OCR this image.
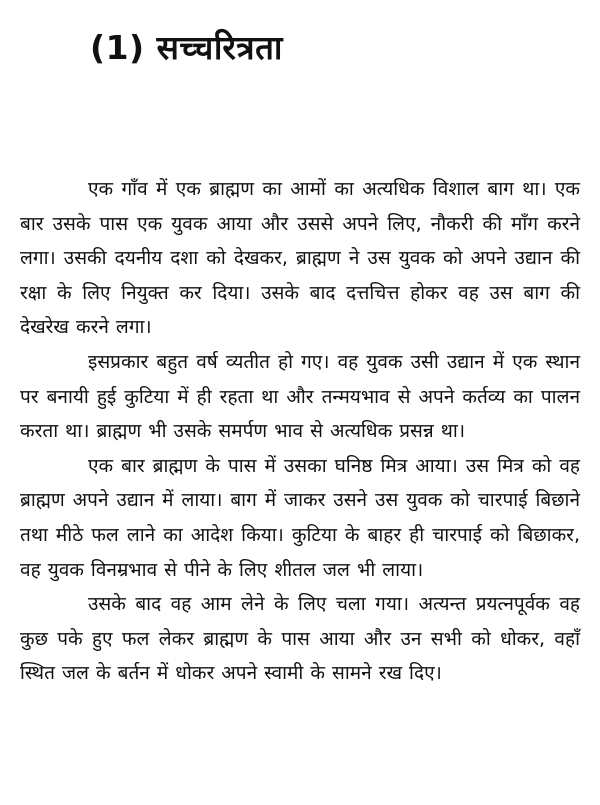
(1) सच्चरित्रता

एक गाँव में एक ब्राह्मण का आमों का अत्यधिक विशाल बाग था। एक बार उसके पास एक युवक आया और उससे अपने लिए, नौकरी की माँग करने लगा। उसकी दयनीय दशा को देखकर, ब्राह्मण ने उस युवक को अपने उद्यान की रक्षा के लिए नियुक्त कर दिया। उसके बाद दत्तचित्त होकर वह उस बाग की देखरेख करने लगा।

इसप्रकार बहुत वर्ष व्यतीत हो गए। वह युवक उसी उद्यान में एक स्थान पर बनायी हुई कुटिया में ही रहता था और तन्मयभाव से अपने कर्तव्य का पालन करता था। ब्राह्मण भी उसके समर्पण भाव से अत्यधिक प्रसन्न था।

एक बार ब्राह्मण के पास में उसका घनिष्ठ मित्र आया। उस मित्र को वह ब्राह्मण अपने उद्यान में लाया। बाग में जाकर उसने उस युवक को चारपाई बिछाने तथा मीठे फल लाने का आदेश किया। कुटिया के बाहर ही चारपाई को बिछाकर, वह युवक विनम्रभाव से पीने के लिए शीतल जल भी लाया।

उसके बाद वह आम लेने के लिए चला गया। अत्यन्त प्रयत्नपूर्वक वह कुछ पके हुए फल लेकर ब्राह्मण के पास आया और उन सभी को धोकर, वहाँ स्थित जल के बर्तन में धोकर अपने स्वामी के सामने रख दिए।
